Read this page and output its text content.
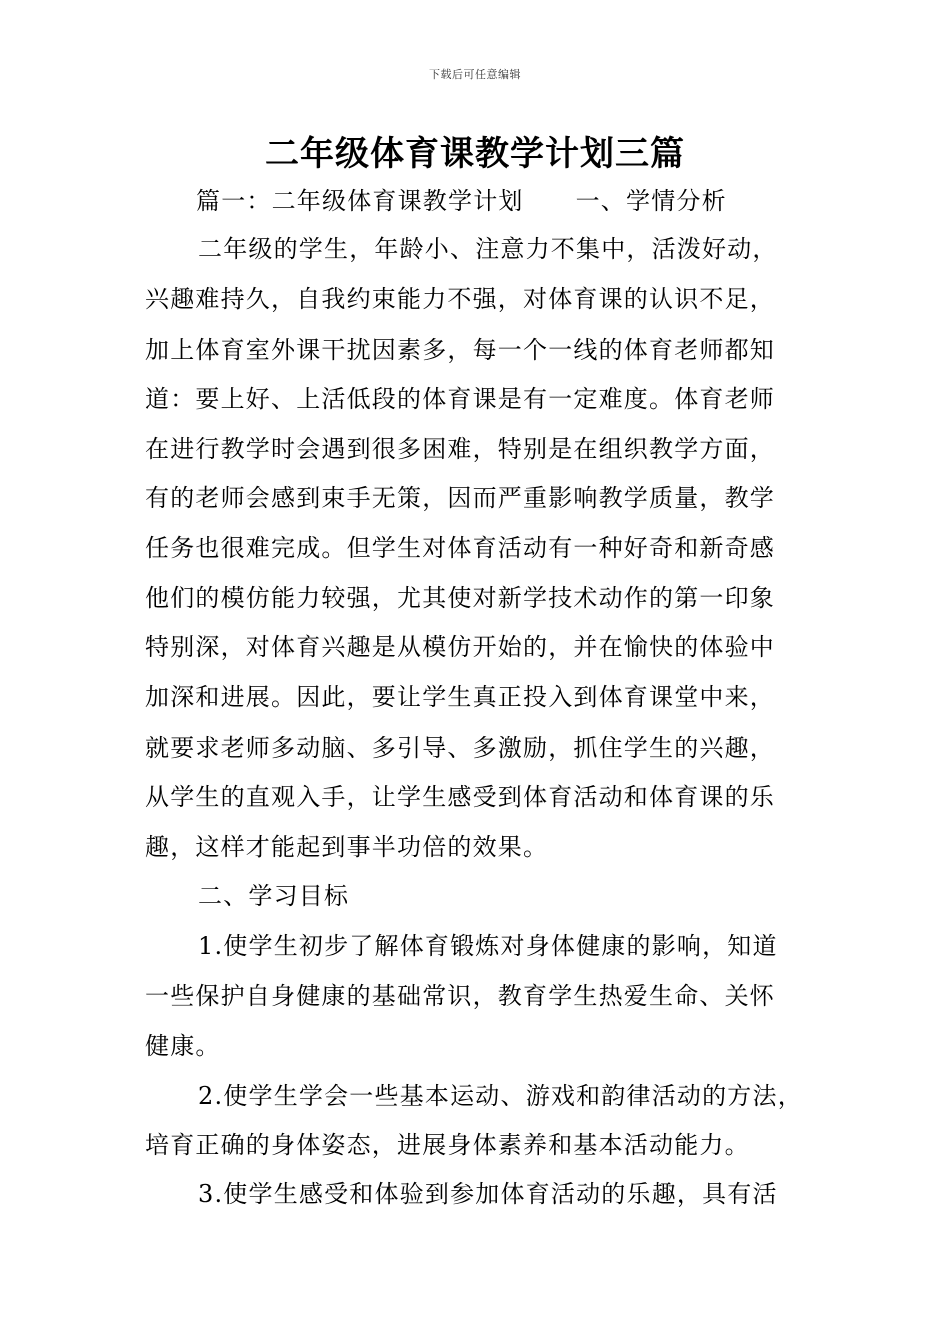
下载后可任意编辑
二年级体育课教学计划三篇
篇一：二年级体育课教学计划 一、学情分析
二年级的学生，年龄小、注意力不集中，活泼好动，
兴趣难持久，自我约束能力不强，对体育课的认识不足，
加上体育室外课干扰因素多，每一个一线的体育老师都知
道：要上好、上活低段的体育课是有一定难度。体育老师
在进行教学时会遇到很多困难，特别是在组织教学方面，
有的老师会感到束手无策，因而严重影响教学质量，教学
任务也很难完成。但学生对体育活动有一种好奇和新奇感
他们的模仿能力较强，尤其使对新学技术动作的第一印象
特别深，对体育兴趣是从模仿开始的，并在愉快的体验中
加深和进展。因此，要让学生真正投入到体育课堂中来，
就要求老师多动脑、多引导、多激励，抓住学生的兴趣，
从学生的直观入手，让学生感受到体育活动和体育课的乐
趣，这样才能起到事半功倍的效果。
二、学习目标
1.使学生初步了解体育锻炼对身体健康的影响，知道
一些保护自身健康的基础常识，教育学生热爱生命、关怀
健康。
2.使学生学会一些基本运动、游戏和韵律活动的方法，
培育正确的身体姿态，进展身体素养和基本活动能力。
3.使学生感受和体验到参加体育活动的乐趣，具有活
